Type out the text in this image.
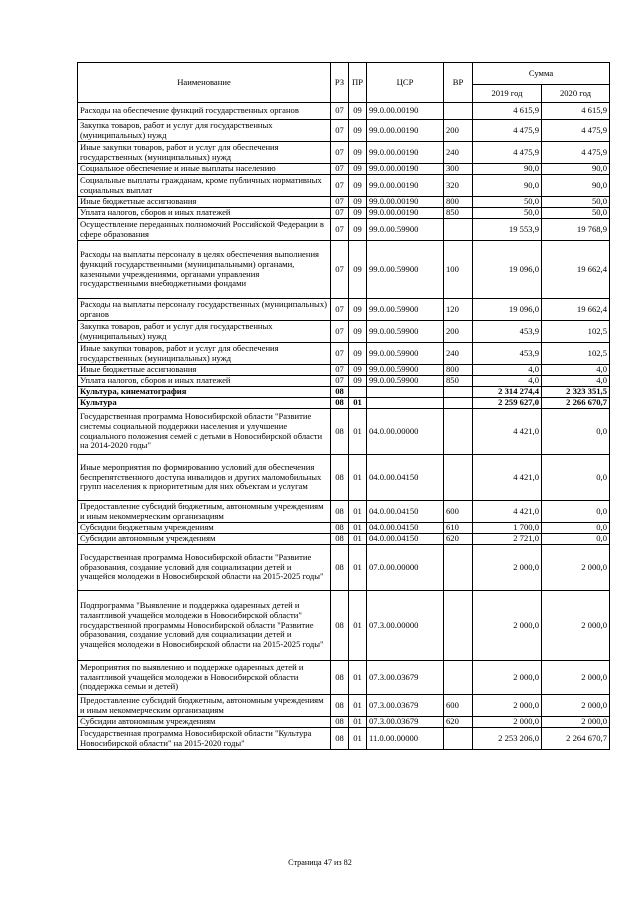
Наименование	РЗ	ПР	ЦСР	ВР	Сумма	
					2019 год	2020 год
Расходы на обеспечение функций государственных органов	07	09	99.0.00.00190		4 615,9	4 615,9
Закупка товаров, работ и услуг для государственных (муниципальных) нужд	07	09	99.0.00.00190	200	4 475,9	4 475,9
Иные закупки товаров, работ и услуг для обеспечения государственных (муниципальных) нужд	07	09	99.0.00.00190	240	4 475,9	4 475,9
Социальное обеспечение и иные выплаты населению	07	09	99.0.00.00190	300	90,0	90,0
Социальные выплаты гражданам, кроме публичных нормативных социальных выплат	07	09	99.0.00.00190	320	90,0	90,0
Иные бюджетные ассигнования	07	09	99.0.00.00190	800	50,0	50,0
Уплата налогов, сборов и иных платежей	07	09	99.0.00.00190	850	50,0	50,0
Осуществление переданных полномочий Российской Федерации в сфере образования	07	09	99.0.00.59900		19 553,9	19 768,9
Расходы на выплаты персоналу в целях обеспечения выполнения функций государственными (муниципальными) органами, казенными учреждениями, органами управления государственными внебюджетными фондами	07	09	99.0.00.59900	100	19 096,0	19 662,4
Расходы на выплаты персоналу государственных (муниципальных) органов	07	09	99.0.00.59900	120	19 096,0	19 662,4
Закупка товаров, работ и услуг для государственных (муниципальных) нужд	07	09	99.0.00.59900	200	453,9	102,5
Иные закупки товаров, работ и услуг для обеспечения государственных (муниципальных) нужд	07	09	99.0.00.59900	240	453,9	102,5
Иные бюджетные ассигнования	07	09	99.0.00.59900	800	4,0	4,0
Уплата налогов, сборов и иных платежей	07	09	99.0.00.59900	850	4,0	4,0
Культура, кинематография	08				2 314 274,4	2 323 351,5
Культура	08	01			2 259 627,0	2 266 670,7
Государственная программа Новосибирской области "Развитие системы социальной поддержки населения и улучшение социального положения семей с детьми в Новосибирской области на 2014-2020 годы"	08	01	04.0.00.00000		4 421,0	0,0
Иные мероприятия по формированию условий для обеспечения беспрепятственного доступа инвалидов и других маломобильных групп населения к приоритетным для них объектам и услугам	08	01	04.0.00.04150		4 421,0	0,0
Предоставление субсидий бюджетным, автономным учреждениям и иным некоммерческим организациям	08	01	04.0.00.04150	600	4 421,0	0,0
Субсидии бюджетным учреждениям	08	01	04.0.00.04150	610	1 700,0	0,0
Субсидии автономным учреждениям	08	01	04.0.00.04150	620	2 721,0	0,0
Государственная программа Новосибирской области "Развитие образования, создание условий для социализации детей и учащейся молодежи в Новосибирской области на 2015-2025 годы"	08	01	07.0.00.00000		2 000,0	2 000,0
Подпрограмма "Выявление и поддержка одаренных детей и талантливой учащейся молодежи в Новосибирской области" государственной программы Новосибирской области "Развитие образования, создание условий для социализации детей и учащейся молодежи в Новосибирской области на 2015-2025 годы"	08	01	07.3.00.00000		2 000,0	2 000,0
Мероприятия по выявлению и поддержке одаренных детей и талантливой учащейся молодежи в Новосибирской области (поддержка семьи и детей)	08	01	07.3.00.03679		2 000,0	2 000,0
Предоставление субсидий бюджетным, автономным учреждениям и иным некоммерческим организациям	08	01	07.3.00.03679	600	2 000,0	2 000,0
Субсидии автономным учреждениям	08	01	07.3.00.03679	620	2 000,0	2 000,0
Государственная программа Новосибирской области "Культура Новосибирской области" на 2015-2020 годы"	08	01	11.0.00.00000		2 253 206,0	2 264 670,7
Страница 47 из 82
